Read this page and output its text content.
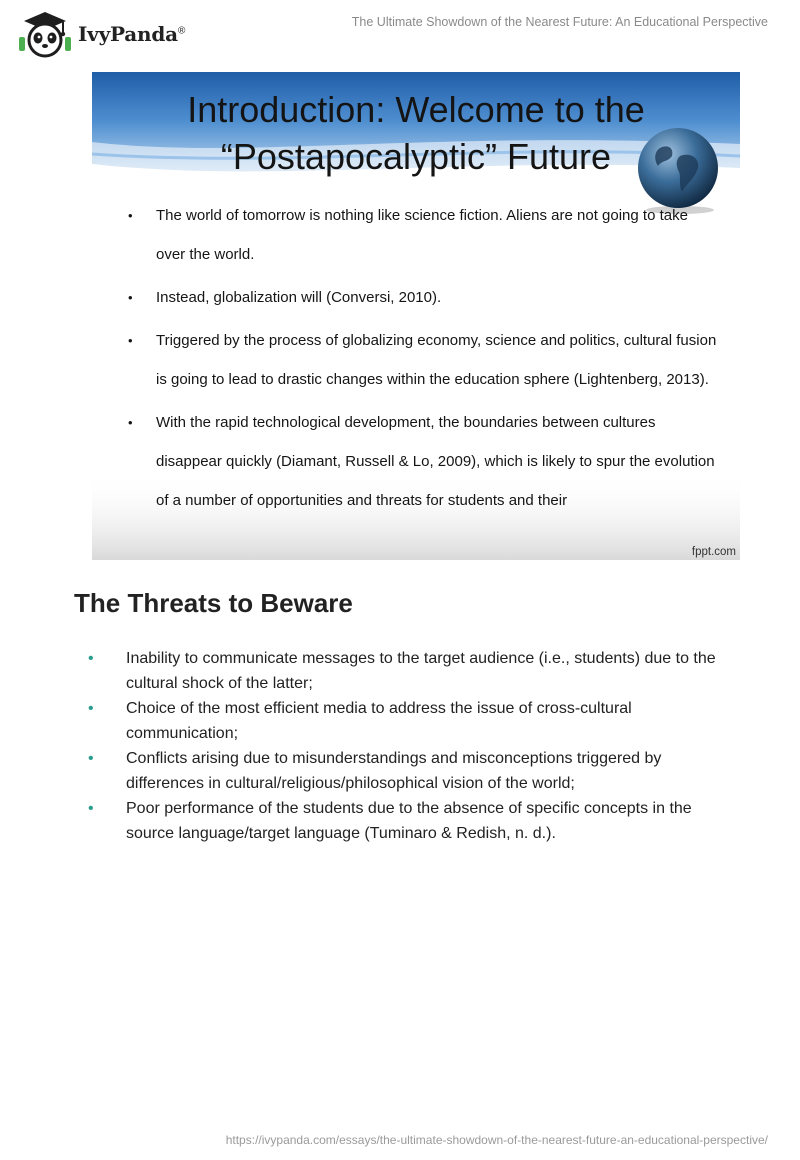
IvyPanda®
The Ultimate Showdown of the Nearest Future: An Educational Perspective
Introduction: Welcome to the
“Postapocalyptic” Future
• The world of tomorrow is nothing like science fiction. Aliens are not going to take over the world.
• Instead, globalization will (Conversi, 2010).
• Triggered by the process of globalizing economy, science and politics, cultural fusion is going to lead to drastic changes within the education sphere (Lightenberg, 2013).
• With the rapid technological development, the boundaries between cultures disappear quickly (Diamant, Russell & Lo, 2009), which is likely to spur the evolution of a number of opportunities and threats for students and their
fppt.com
The Threats to Beware
• Inability to communicate messages to the target audience (i.e., students) due to the cultural shock of the latter;
• Choice of the most efficient media to address the issue of cross-cultural communication;
• Conflicts arising due to misunderstandings and misconceptions triggered by differences in cultural/religious/philosophical vision of the world;
• Poor performance of the students due to the absence of specific concepts in the source language/target language (Tuminaro & Redish, n. d.).
https://ivypanda.com/essays/the-ultimate-showdown-of-the-nearest-future-an-educational-perspective/
